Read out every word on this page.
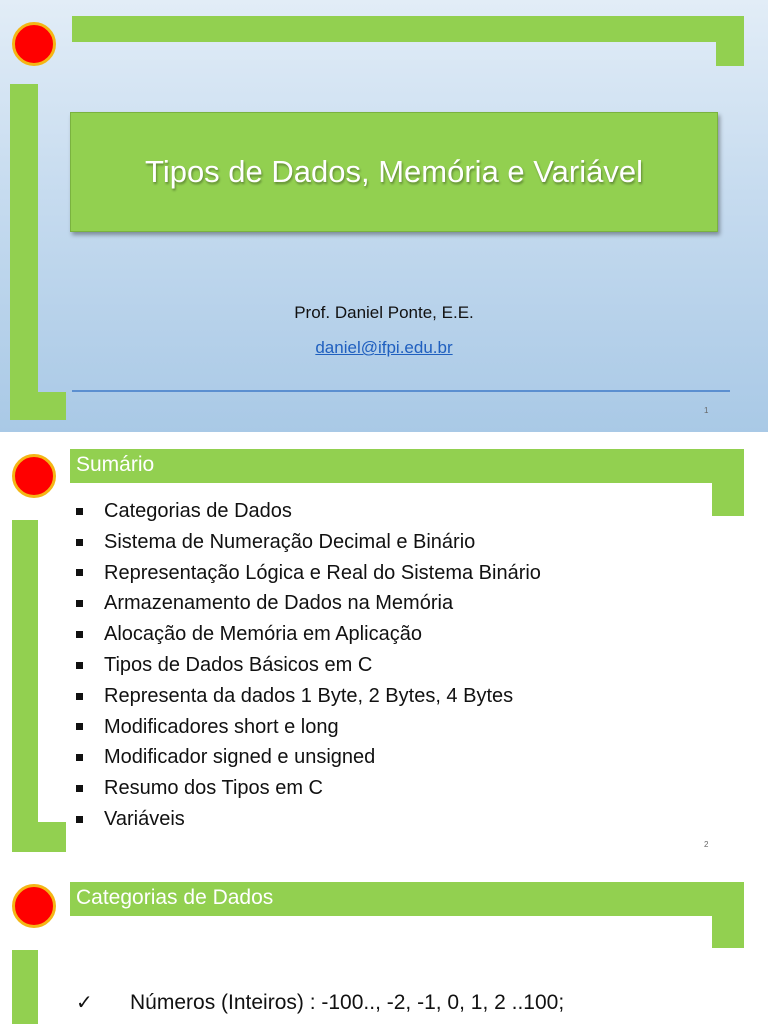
Tipos de Dados, Memória e Variável
Prof. Daniel Ponte, E.E.
daniel@ifpi.edu.br
1
Sumário
Categorias de Dados
Sistema de Numeração Decimal e Binário
Representação Lógica e Real do Sistema Binário
Armazenamento de Dados na Memória
Alocação de Memória em Aplicação
Tipos de Dados Básicos em C
Representa da dados 1 Byte, 2 Bytes, 4 Bytes
Modificadores short e long
Modificador signed e unsigned
Resumo dos Tipos em C
Variáveis
2
Categorias de Dados
✓	Números (Inteiros) : -100.., -2, -1, 0, 1, 2 ..100;
